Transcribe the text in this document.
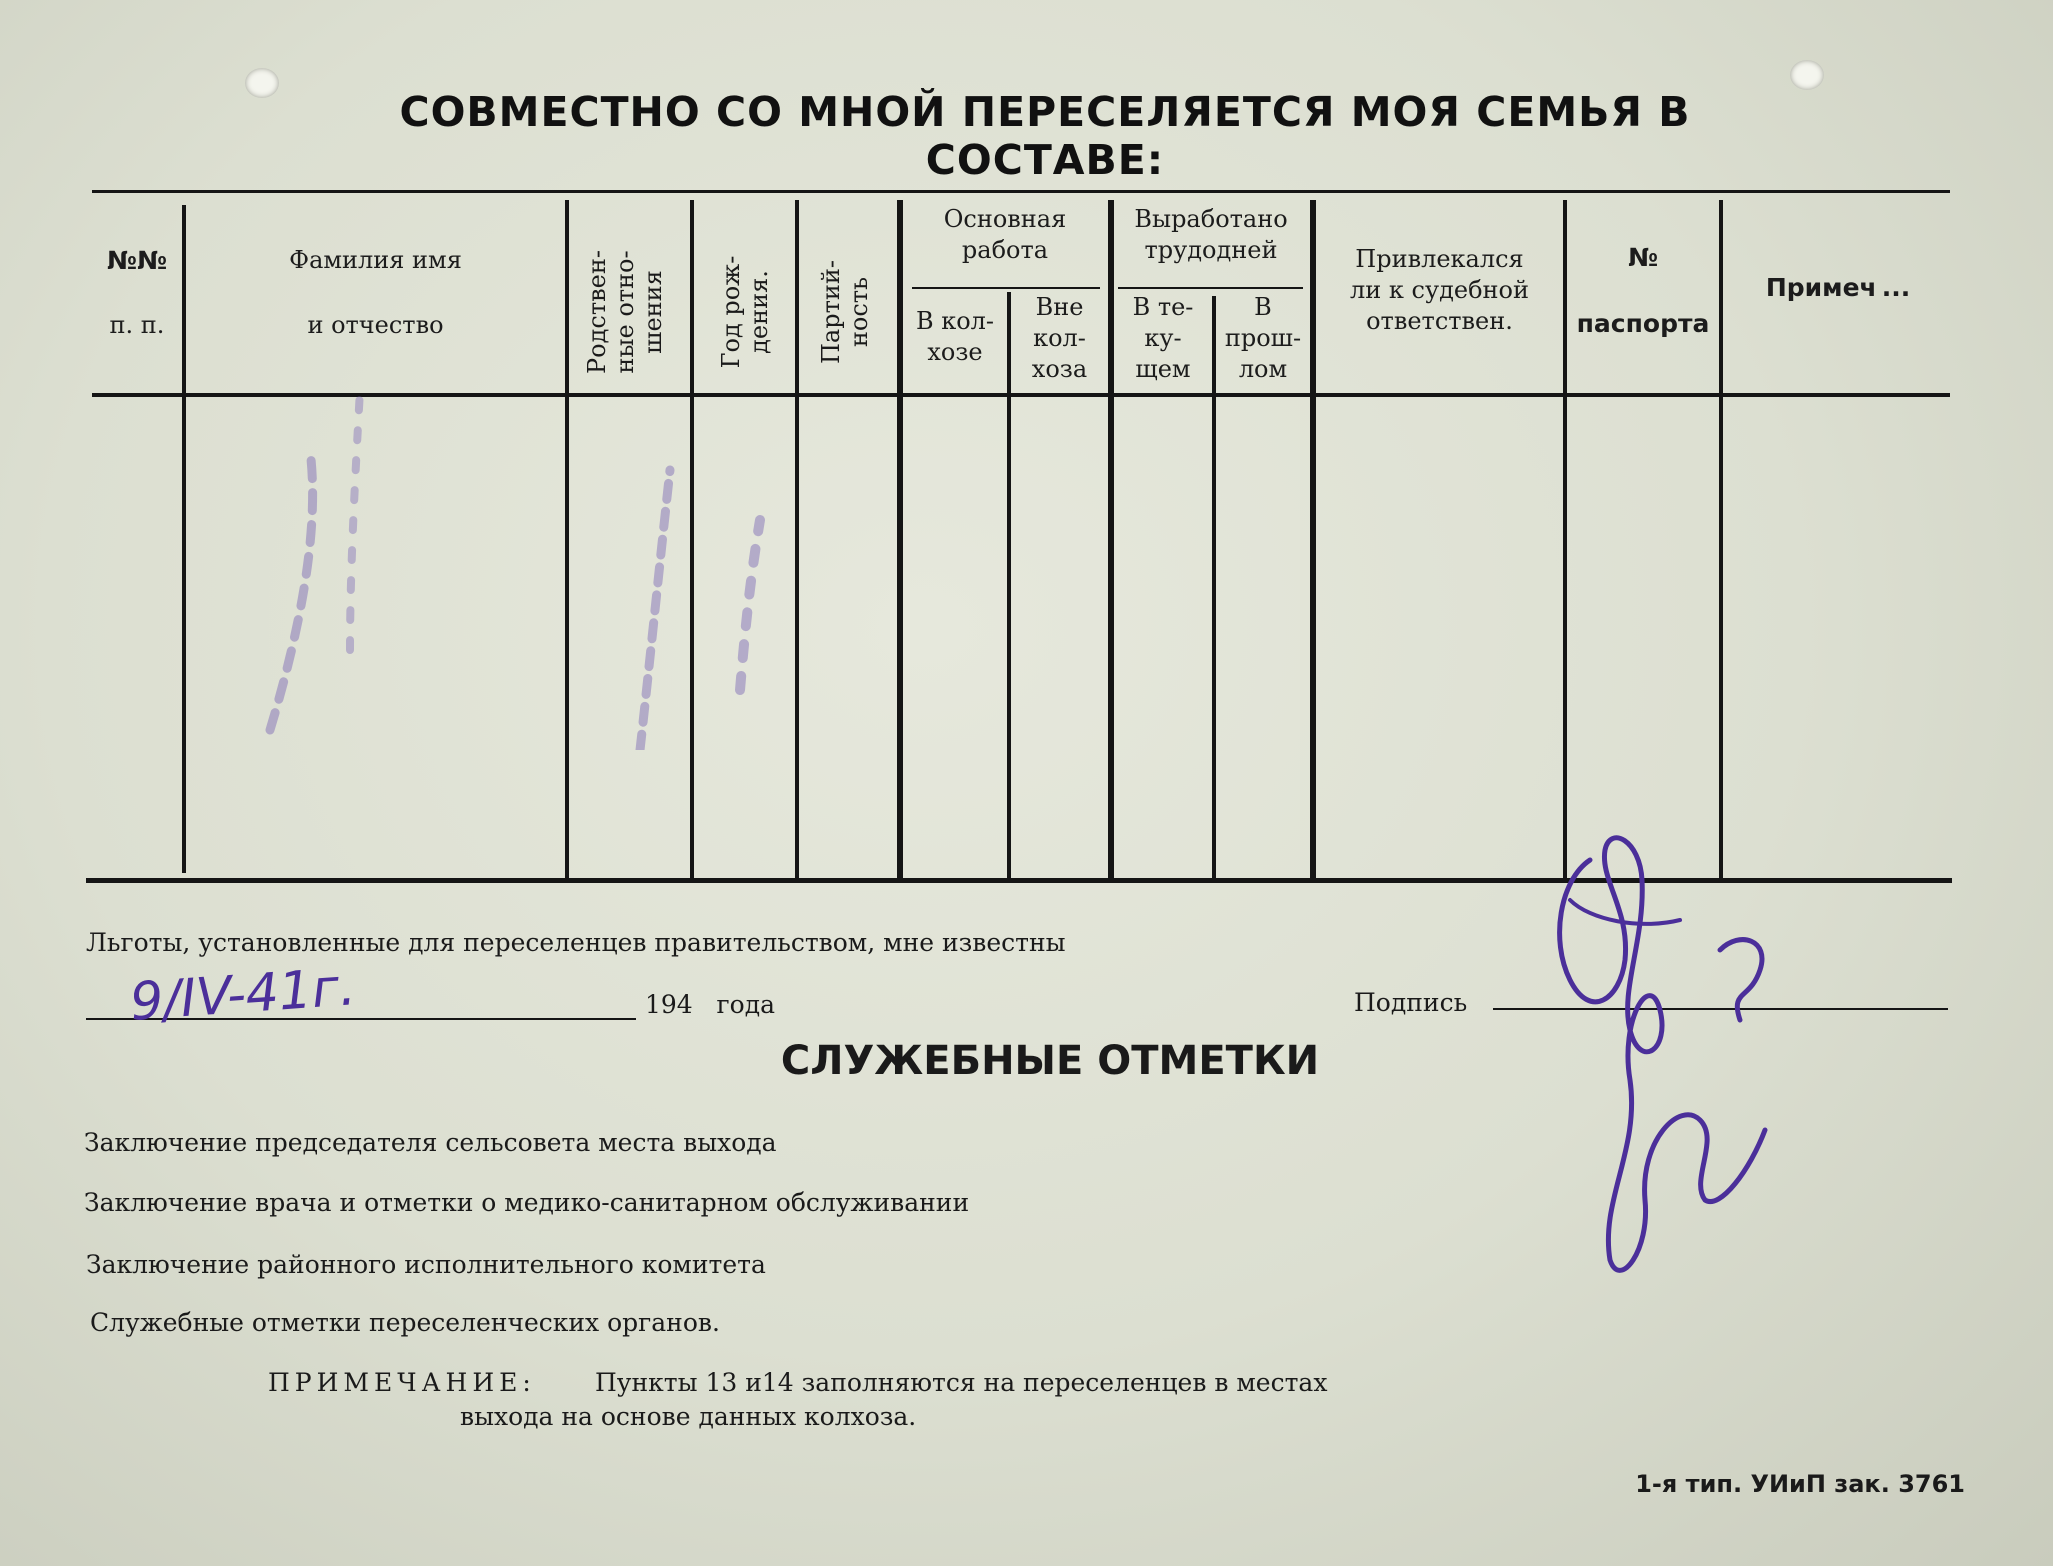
СОВМЕСТНО СО МНОЙ ПЕРЕСЕЛЯЕТСЯ МОЯ СЕМЬЯ В СОСТАВЕ:
№№
п. п.
Фамилия имя
и отчество	Родствен-
ные отно-
шения Год рож-
дения. Партий-
ность
Основная
работа
В кол-
хозе
Вне
кол-
хоза
Выработано
трудодней
В те-
ку-
щем
В
прош-
лом
Привлекался
ли к судебной
ответствен.
№
паспорта
Примеч ...
Льготы, установленные для переселенцев правительством, мне известны
194   года
9/IV-41г.	Подпись
СЛУЖЕБНЫЕ ОТМЕТКИ
Заключение председателя сельсовета места выхода
Заключение врача и отметки о медико-санитарном обслуживании
Заключение районного исполнительного комитета
Служебные отметки переселенческих органов.
ПРИМЕЧАНИЕ: Пункты 13 и14 заполняются на переселенцев в местах
выхода на основе данных колхоза.
1-я тип. УИиП зак. 3761
